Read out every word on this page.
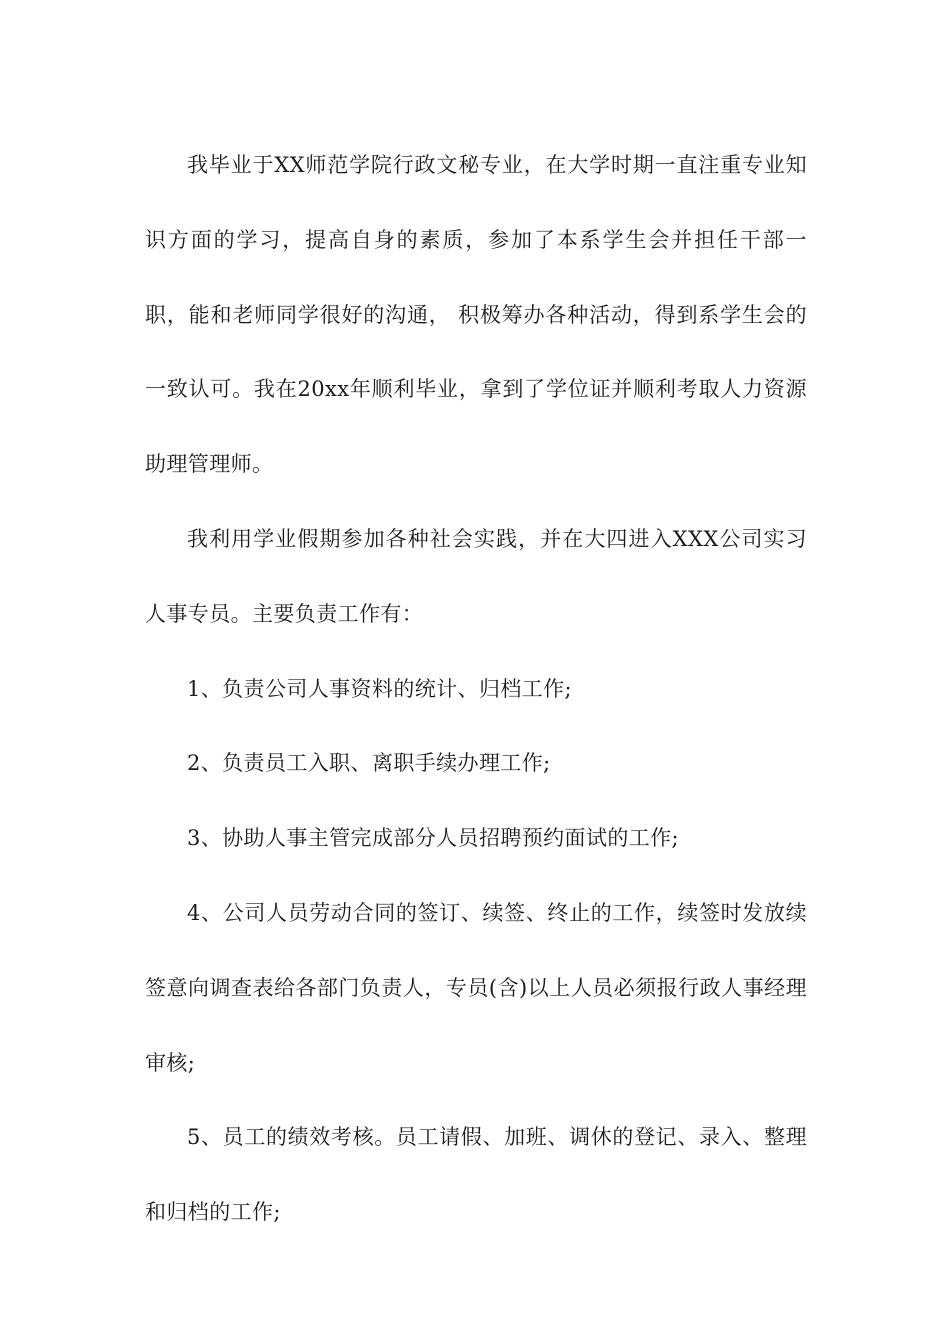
我毕业于XX师范学院行政文秘专业，在大学时期一直注重专业知识方面的学习，提高自身的素质，参加了本系学生会并担任干部一职，能和老师同学很好的沟通， 积极筹办各种活动，得到系学生会的一致认可。我在20xx年顺利毕业，拿到了学位证并顺利考取人力资源助理管理师。

我利用学业假期参加各种社会实践，并在大四进入XXX公司实习人事专员。主要负责工作有：

1、负责公司人事资料的统计、归档工作;

2、负责员工入职、离职手续办理工作;

3、协助人事主管完成部分人员招聘预约面试的工作;

4、公司人员劳动合同的签订、续签、终止的工作，续签时发放续签意向调查表给各部门负责人，专员(含)以上人员必须报行政人事经理审核;

5、员工的绩效考核。员工请假、加班、调休的登记、录入、整理和归档的工作;
